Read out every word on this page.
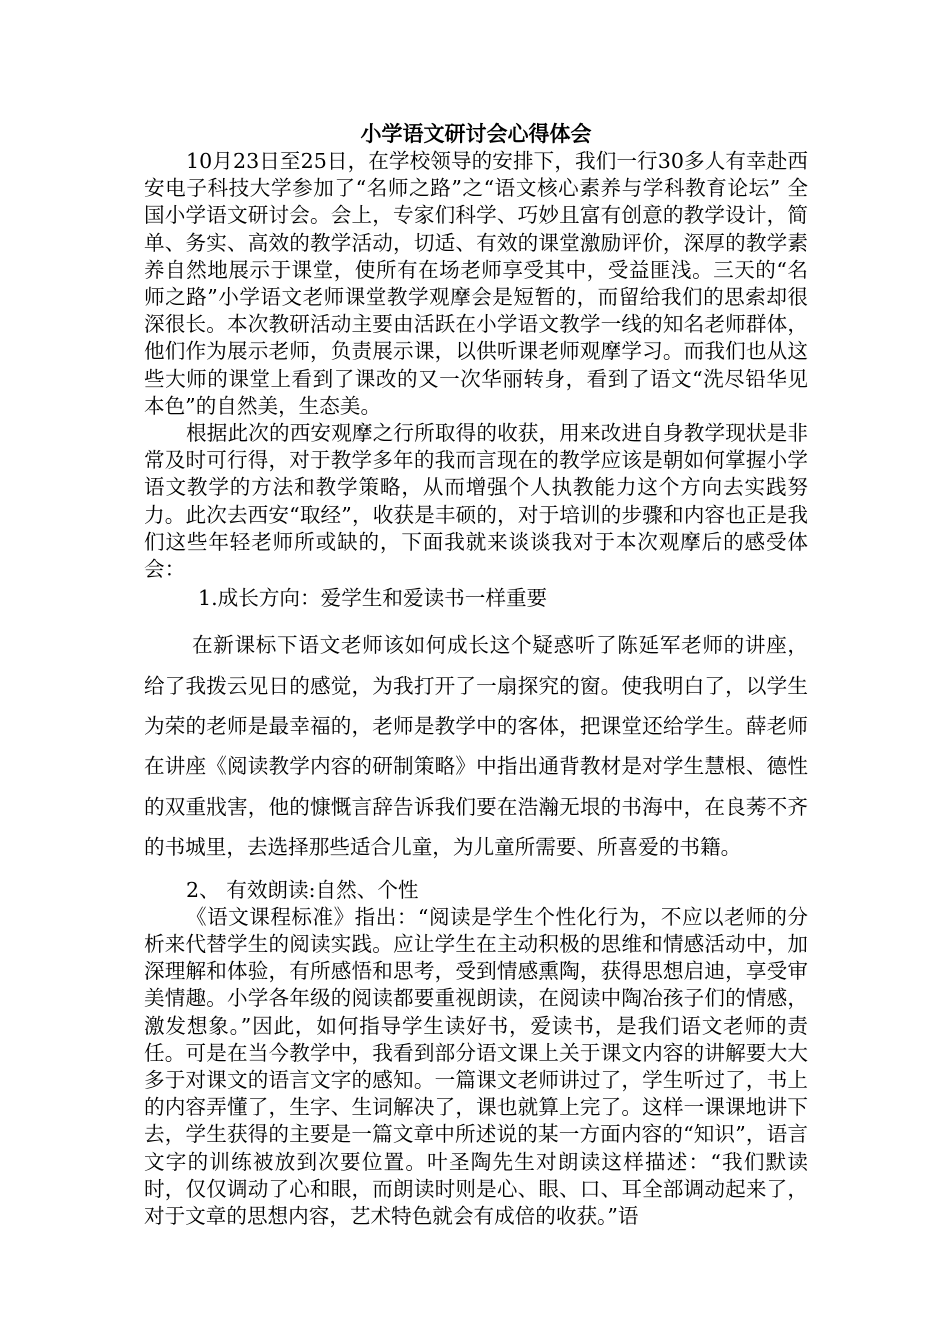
小学语文研讨会心得体会

10月23日至25日，在学校领导的安排下，我们一行30多人有幸赴西安电子科技大学参加了“名师之路”之“语文核心素养与学科教育论坛” 全国小学语文研讨会。会上，专家们科学、巧妙且富有创意的教学设计，简单、务实、高效的教学活动，切适、有效的课堂激励评价，深厚的教学素养自然地展示于课堂，使所有在场老师享受其中，受益匪浅。三天的“名师之路”小学语文老师课堂教学观摩会是短暂的，而留给我们的思索却很深很长。本次教研活动主要由活跃在小学语文教学一线的知名老师群体，他们作为展示老师，负责展示课，以供听课老师观摩学习。而我们也从这些大师的课堂上看到了课改的又一次华丽转身，看到了语文“洗尽铅华见本色”的自然美，生态美。

根据此次的西安观摩之行所取得的收获，用来改进自身教学现状是非常及时可行得，对于教学多年的我而言现在的教学应该是朝如何掌握小学语文教学的方法和教学策略，从而增强个人执教能力这个方向去实践努力。此次去西安“取经”，收获是丰硕的，对于培训的步骤和内容也正是我们这些年轻老师所或缺的，下面我就来谈谈我对于本次观摩后的感受体会：

1.成长方向：爱学生和爱读书一样重要

在新课标下语文老师该如何成长这个疑惑听了陈延军老师的讲座，给了我拨云见日的感觉，为我打开了一扇探究的窗。使我明白了，以学生为荣的老师是最幸福的，老师是教学中的客体，把课堂还给学生。薛老师在讲座《阅读教学内容的研制策略》中指出通背教材是对学生慧根、德性的双重戕害，他的慷慨言辞告诉我们要在浩瀚无垠的书海中，在良莠不齐的书城里，去选择那些适合儿童，为儿童所需要、所喜爱的书籍。

2、 有效朗读:自然、个性

《语文课程标准》指出：“阅读是学生个性化行为，不应以老师的分析来代替学生的阅读实践。应让学生在主动积极的思维和情感活动中，加深理解和体验，有所感悟和思考，受到情感熏陶，获得思想启迪，享受审美情趣。小学各年级的阅读都要重视朗读，在阅读中陶冶孩子们的情感，激发想象。”因此，如何指导学生读好书，爱读书，是我们语文老师的责任。可是在当今教学中，我看到部分语文课上关于课文内容的讲解要大大多于对课文的语言文字的感知。一篇课文老师讲过了，学生听过了，书上的内容弄懂了，生字、生词解决了，课也就算上完了。这样一课课地讲下去，学生获得的主要是一篇文章中所述说的某一方面内容的“知识”，语言文字的训练被放到次要位置。叶圣陶先生对朗读这样描述：“我们默读时，仅仅调动了心和眼，而朗读时则是心、眼、口、耳全部调动起来了，对于文章的思想内容，艺术特色就会有成倍的收获。”语
